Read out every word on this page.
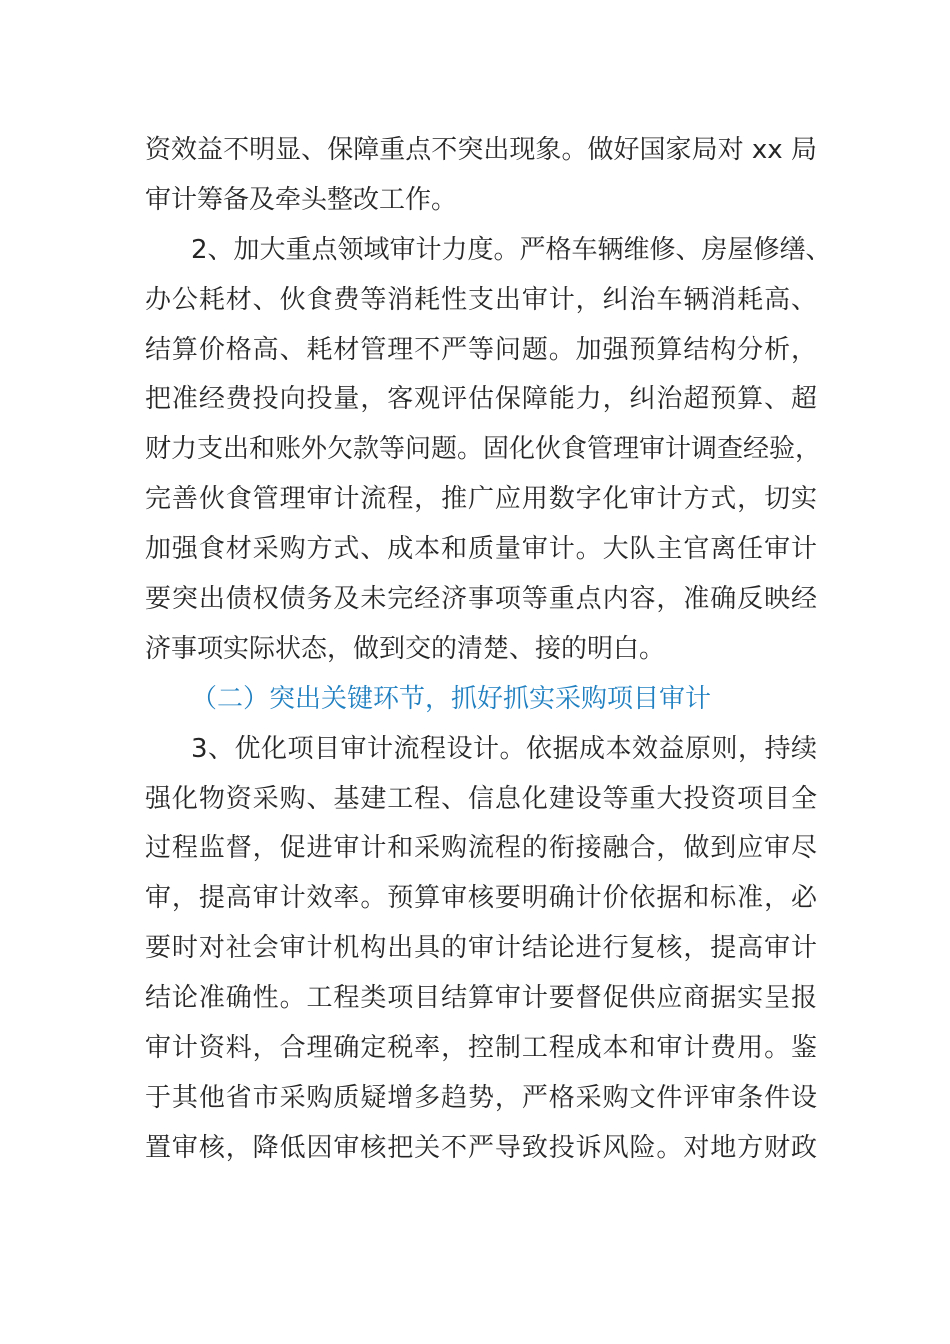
资效益不明显、保障重点不突出现象。做好国家局对 xx 局
审计筹备及牵头整改工作。
2、加大重点领域审计力度。严格车辆维修、房屋修缮、
办公耗材、伙食费等消耗性支出审计，纠治车辆消耗高、
结算价格高、耗材管理不严等问题。加强预算结构分析，
把准经费投向投量，客观评估保障能力，纠治超预算、超
财力支出和账外欠款等问题。固化伙食管理审计调查经验，
完善伙食管理审计流程，推广应用数字化审计方式，切实
加强食材采购方式、成本和质量审计。大队主官离任审计
要突出债权债务及未完经济事项等重点内容，准确反映经
济事项实际状态，做到交的清楚、接的明白。
（二）突出关键环节，抓好抓实采购项目审计
3、优化项目审计流程设计。依据成本效益原则，持续
强化物资采购、基建工程、信息化建设等重大投资项目全
过程监督，促进审计和采购流程的衔接融合，做到应审尽
审，提高审计效率。预算审核要明确计价依据和标准，必
要时对社会审计机构出具的审计结论进行复核，提高审计
结论准确性。工程类项目结算审计要督促供应商据实呈报
审计资料，合理确定税率，控制工程成本和审计费用。鉴
于其他省市采购质疑增多趋势，严格采购文件评审条件设
置审核，降低因审核把关不严导致投诉风险。对地方财政
